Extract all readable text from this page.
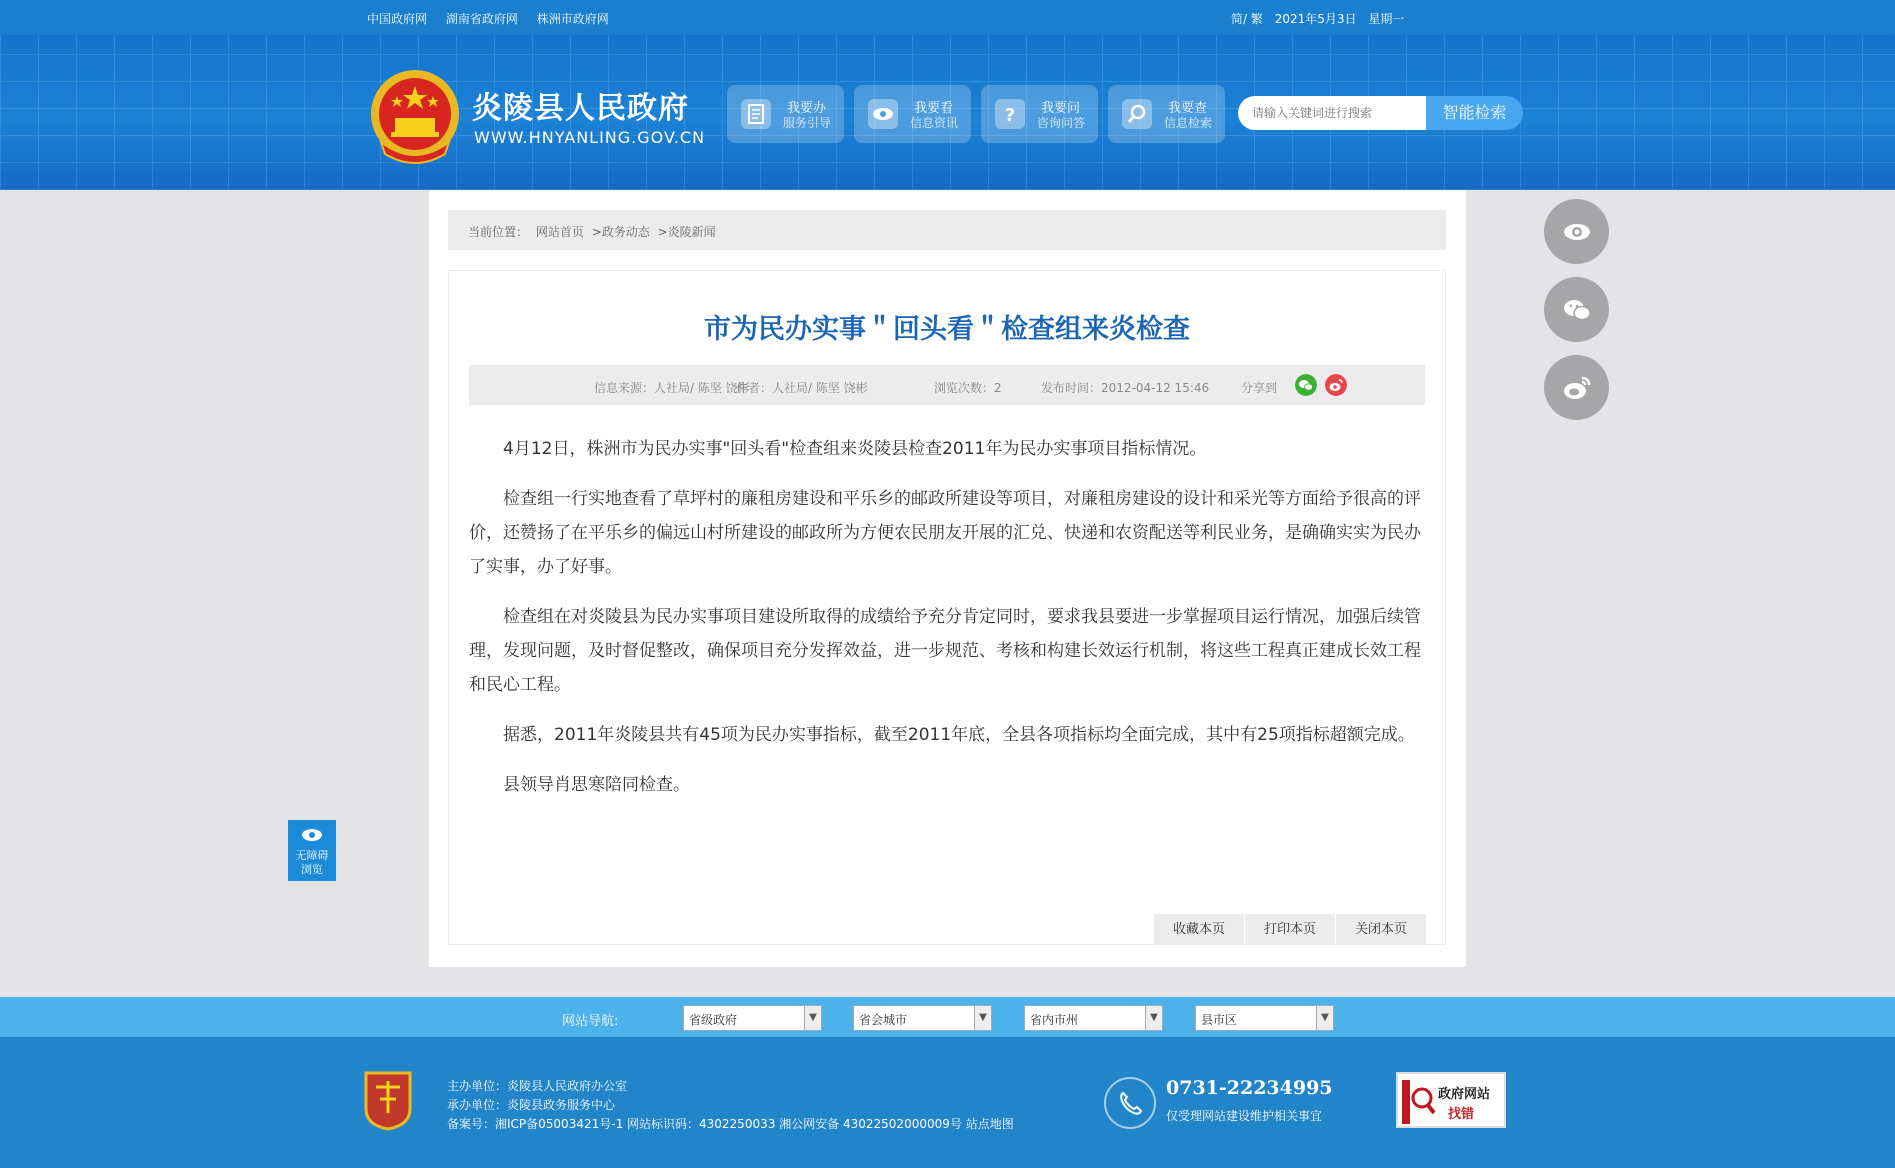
中国政府网 湖南省政府网 株洲市政府网	简/ 繁 2021年5月3日 星期一
炎陵县人民政府
WWW.HNYANLING.GOV.CN
我要办
服务引导
我要看
信息资讯	? 我要问
咨询问答
我要查
信息检索
请输入关键词进行搜索
智能检索
当前位置： 网站首页 >政务动态 >炎陵新闻
市为民办实事＂回头看＂检查组来炎检查
信息来源：人社局/ 陈坚 饶彬
作者：人社局/ 陈坚 饶彬	浏览次数：2	发布时间：2012-04-12 15:46	分享到

4月12日，株洲市为民办实事"回头看"检查组来炎陵县检查2011年为民办实事项目指标情况。

检查组一行实地查看了草坪村的廉租房建设和平乐乡的邮政所建设等项目，对廉租房建设的设计和采光等方面给予很高的评价，还赞扬了在平乐乡的偏远山村所建设的邮政所为方便农民朋友开展的汇兑、快递和农资配送等利民业务，是确确实实为民办了实事，办了好事。

检查组在对炎陵县为民办实事项目建设所取得的成绩给予充分肯定同时，要求我县要进一步掌握项目运行情况，加强后续管理，发现问题，及时督促整改，确保项目充分发挥效益，进一步规范、考核和构建长效运行机制，将这些工程真正建成长效工程和民心工程。

据悉，2011年炎陵县共有45项为民办实事指标，截至2011年底，全县各项指标均全面完成，其中有25项指标超额完成。

县领导肖思寒陪同检查。

收藏本页	打印本页	关闭本页
无障碍
浏览
网站导航:	省级政府	▼	省会城市	▼	省内市州	▼	县市区	▼
主办单位：炎陵县人民政府办公室
承办单位：炎陵县政务服务中心
备案号：湘ICP备05003421号-1 网站标识码：4302250033 湘公网安备 43022502000009号 站点地图
0731-22234995
仅受理网站建设维护相关事宜
政府网站
找错
